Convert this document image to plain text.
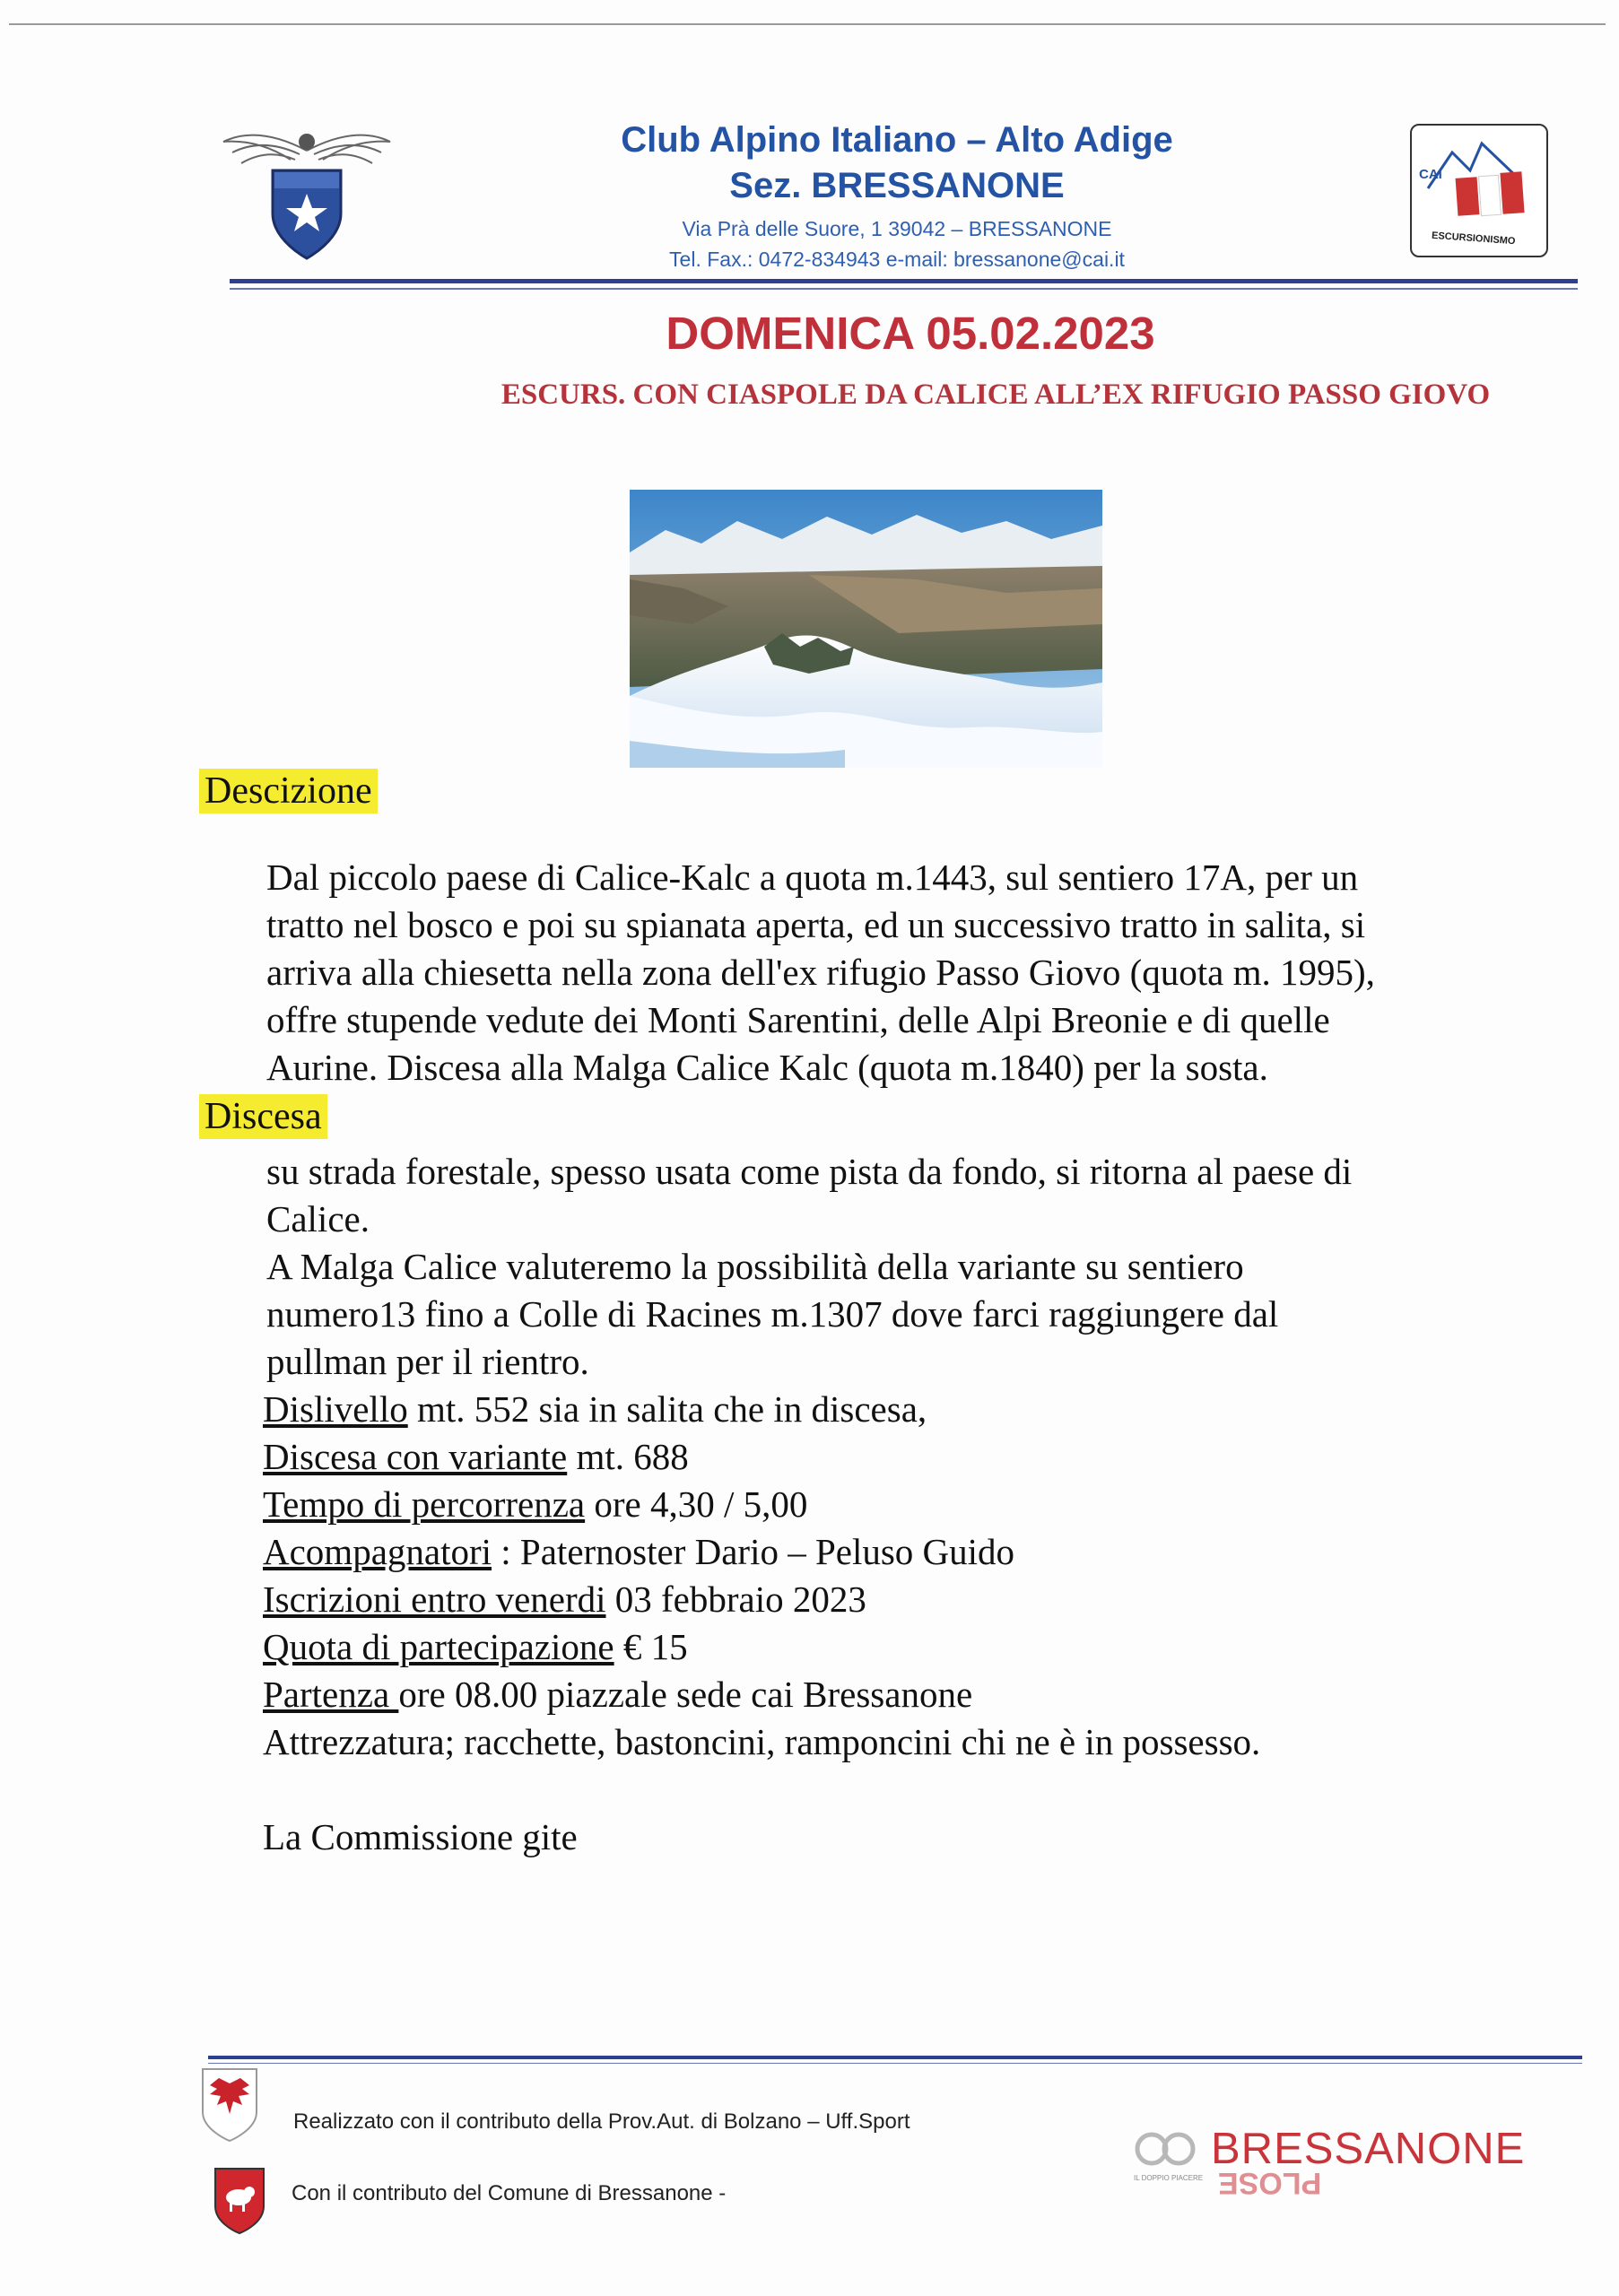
Club Alpino Italiano – Alto Adige
Sez. BRESSANONE
Via Prà delle Suore, 1 39042 – BRESSANONE
Tel. Fax.: 0472-834943 e-mail: bressanone@cai.it
CAI
ESCURSIONISMO
DOMENICA 05.02.2023
ESCURS. CON CIASPOLE DA CALICE ALL’EX RIFUGIO PASSO GIOVO
Descizione
Dal piccolo paese di Calice-Kalc a quota m.1443, sul sentiero 17A, per un
tratto nel bosco e poi su spianata aperta, ed un successivo tratto in salita, si
arriva alla chiesetta nella zona dell'ex rifugio Passo Giovo (quota m. 1995),
offre stupende vedute dei Monti Sarentini, delle Alpi Breonie e di quelle
Aurine. Discesa alla Malga Calice Kalc (quota m.1840) per la sosta.
Discesa
su strada forestale, spesso usata come pista da fondo, si ritorna al paese di
Calice.
A Malga Calice valuteremo la possibilità della variante su sentiero
numero13 fino a Colle di Racines m.1307 dove farci raggiungere dal
pullman per il rientro.
Dislivello mt. 552 sia in salita che in discesa,
Discesa con variante mt. 688
Tempo di percorrenza ore 4,30 / 5,00
Acompagnatori : Paternoster Dario – Peluso Guido
Iscrizioni entro venerdi 03 febbraio 2023
Quota di partecipazione € 15
Partenza ore 08.00 piazzale sede cai Bressanone
Attrezzatura; racchette, bastoncini, ramponcini chi ne è in possesso.
La Commissione gite
Realizzato con il contributo della Prov.Aut. di Bolzano – Uff.Sport
Con il contributo del Comune di Bressanone -
BRESSANONE
PLOSE
IL DOPPIO PIACERE
